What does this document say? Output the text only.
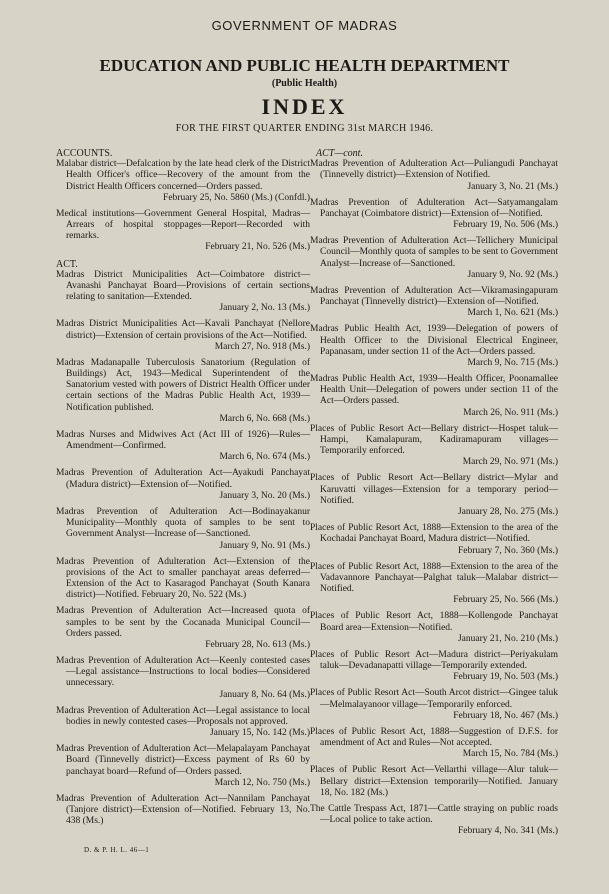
GOVERNMENT OF MADRAS
EDUCATION AND PUBLIC HEALTH DEPARTMENT
(Public Health)
INDEX
FOR THE FIRST QUARTER ENDING 31st MARCH 1946.
ACCOUNTS.
Malabar district—Defalcation by the late head clerk of the District Health Officer's office—Recovery of the amount from the District Health Officers concerned—Orders passed.
February 25, No. 5860 (Ms.) (Confdl.)
Medical institutions—Government General Hospital, Madras—Arrears of hospital stoppages—Report—Recorded with remarks.
February 21, No. 526 (Ms.)
ACT.
Madras District Municipalities Act—Coimbatore district—Avanashi Panchayat Board—Provisions of certain sections relating to sanitation—Extended.
January 2, No. 13 (Ms.)
Madras District Municipalities Act—Kavali Panchayat (Nellore district)—Extension of certain provisions of the Act—Notified.
March 27, No. 918 (Ms.)
Madras Madanapalle Tuberculosis Sanatorium (Regulation of Buildings) Act, 1943—Medical Superintendent of the Sanatorium vested with powers of District Health Officer under certain sections of the Madras Public Health Act, 1939—Notification published.
March 6, No. 668 (Ms.)
Madras Nurses and Midwives Act (Act III of 1926)—Rules—Amendment—Confirmed.
March 6, No. 674 (Ms.)
Madras Prevention of Adulteration Act—Ayakudi Panchayat (Madura district)—Extension of—Notified.
January 3, No. 20 (Ms.)
Madras Prevention of Adulteration Act—Bodinayakanur Municipality—Monthly quota of samples to be sent to Government Analyst—Increase of—Sanctioned.
January 9, No. 91 (Ms.)
Madras Prevention of Adulteration Act—Extension of the provisions of the Act to smaller panchayat areas deferred—Extension of the Act to Kasaragod Panchayat (South Kanara district)—Notified. February 20, No. 522 (Ms.)
Madras Prevention of Adulteration Act—Increased quota of samples to be sent by the Cocanada Municipal Council—Orders passed.
February 28, No. 613 (Ms.)
Madras Prevention of Adulteration Act—Keenly contested cases—Legal assistance—Instructions to local bodies—Considered unnecessary.
January 8, No. 64 (Ms.)
Madras Prevention of Adulteration Act—Legal assistance to local bodies in newly contested cases—Proposals not approved.
January 15, No. 142 (Ms.)
Madras Prevention of Adulteration Act—Melapalayam Panchayat Board (Tinnevelly district)—Excess payment of Rs 60 by panchayat board—Refund of—Orders passed.
March 12, No. 750 (Ms.)
Madras Prevention of Adulteration Act—Nannilam Panchayat (Tanjore district)—Extension of—Notified. February 13, No. 438 (Ms.)
ACT—cont.
Madras Prevention of Adulteration Act—Puliangudi Panchayat (Tinnevelly district)—Extension of Notified.
January 3, No. 21 (Ms.)
Madras Prevention of Adulteration Act—Satyamangalam Panchayat (Coimbatore district)—Extension of—Notified.
February 19, No. 506 (Ms.)
Madras Prevention of Adulteration Act—Tellichery Municipal Council—Monthly quota of samples to be sent to Government Analyst—Increase of—Sanctioned.
January 9, No. 92 (Ms.)
Madras Prevention of Adulteration Act—Vikramasingapuram Panchayat (Tinnevelly district)—Extension of—Notified.
March 1, No. 621 (Ms.)
Madras Public Health Act, 1939—Delegation of powers of Health Officer to the Divisional Electrical Engineer, Papanasam, under section 11 of the Act—Orders passed.
March 9, No. 715 (Ms.)
Madras Public Health Act, 1939—Health Officer, Poonamallee Health Unit—Delegation of powers under section 11 of the Act—Orders passed.
March 26, No. 911 (Ms.)
Places of Public Resort Act—Bellary district—Hospet taluk—Hampi, Kamalapuram, Kadiramapuram villages—Temporarily enforced.
March 29, No. 971 (Ms.)
Places of Public Resort Act—Bellary district—Mylar and Karuvatti villages—Extension for a temporary period—Notified.
January 28, No. 275 (Ms.)
Places of Public Resort Act, 1888—Extension to the area of the Kochadai Panchayat Board, Madura district—Notified.
February 7, No. 360 (Ms.)
Places of Public Resort Act, 1888—Extension to the area of the Vadavannore Panchayat—Palghat taluk—Malabar district—Notified.
February 25, No. 566 (Ms.)
Places of Public Resort Act, 1888—Kollengode Panchayat Board area—Extension—Notified.
January 21, No. 210 (Ms.)
Places of Public Resort Act—Madura district—Periyakulam taluk—Devadanapatti village—Temporarily extended.
February 19, No. 503 (Ms.)
Places of Public Resort Act—South Arcot district—Gingee taluk—Melmalayanoor village—Temporarily enforced.
February 18, No. 467 (Ms.)
Places of Public Resort Act, 1888—Suggestion of D.F.S. for amendment of Act and Rules—Not accepted.
March 15, No. 784 (Ms.)
Places of Public Resort Act—Vellarthi village—Alur taluk—Bellary district—Extension temporarily—Notified. January 18, No. 182 (Ms.)
The Cattle Trespass Act, 1871—Cattle straying on public roads—Local police to take action.
February 4, No. 341 (Ms.)
D. & P. H. L. 46—1
